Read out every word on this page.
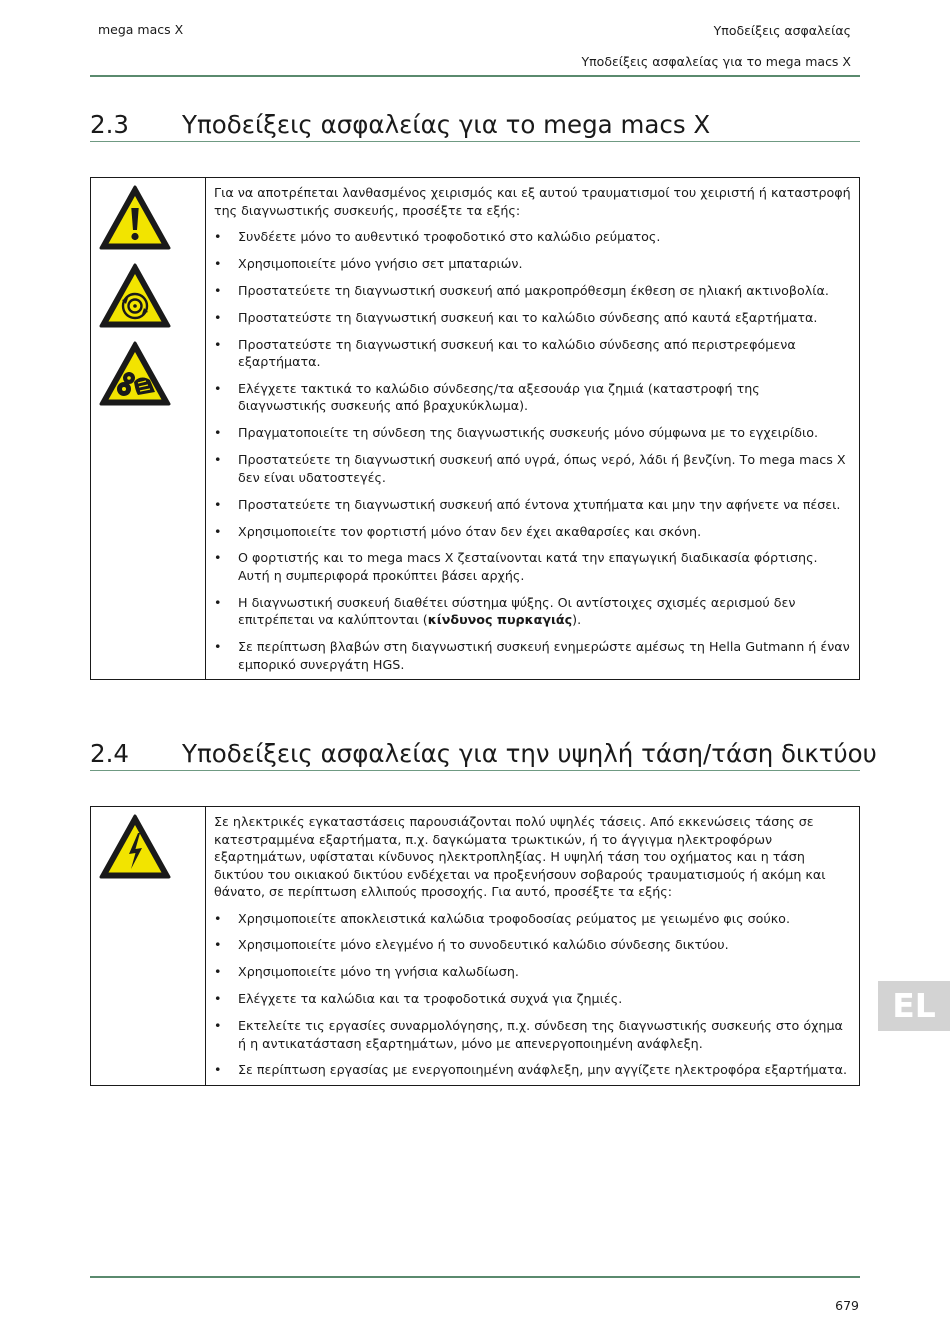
mega macs X	Υποδείξεις ασφαλείας
Υποδείξεις ασφαλείας για το mega macs X
2.3 Υποδείξεις ασφαλείας για το mega macs X

Για να αποτρέπεται λανθασμένος χειρισμός και εξ αυτού τραυματισμοί του χειριστή ή καταστροφή της διαγνωστικής συσκευής, προσέξτε τα εξής:

• Συνδέετε μόνο το αυθεντικό τροφοδοτικό στο καλώδιο ρεύματος.
• Χρησιμοποιείτε μόνο γνήσιο σετ μπαταριών.
• Προστατεύετε τη διαγνωστική συσκευή από μακροπρόθεσμη έκθεση σε ηλιακή ακτινοβολία.
• Προστατεύστε τη διαγνωστική συσκευή και το καλώδιο σύνδεσης από καυτά εξαρτήματα.
• Προστατεύστε τη διαγνωστική συσκευή και το καλώδιο σύνδεσης από περιστρεφόμενα εξαρτήματα.
• Ελέγχετε τακτικά το καλώδιο σύνδεσης/τα αξεσουάρ για ζημιά (καταστροφή της διαγνωστικής συσκευής από βραχυκύκλωμα).
• Πραγματοποιείτε τη σύνδεση της διαγνωστικής συσκευής μόνο σύμφωνα με το εγχειρίδιο.
• Προστατεύετε τη διαγνωστική συσκευή από υγρά, όπως νερό, λάδι ή βενζίνη. Το mega macs X δεν είναι υδατοστεγές.
• Προστατεύετε τη διαγνωστική συσκευή από έντονα χτυπήματα και μην την αφήνετε να πέσει.
• Χρησιμοποιείτε τον φορτιστή μόνο όταν δεν έχει ακαθαρσίες και σκόνη.
• Ο φορτιστής και το mega macs X ζεσταίνονται κατά την επαγωγική διαδικασία φόρτισης. Αυτή η συμπεριφορά προκύπτει βάσει αρχής.
• Η διαγνωστική συσκευή διαθέτει σύστημα ψύξης. Οι αντίστοιχες σχισμές αερισμού δεν επιτρέπεται να καλύπτονται (κίνδυνος πυρκαγιάς).
• Σε περίπτωση βλαβών στη διαγνωστική συσκευή ενημερώστε αμέσως τη Hella Gutmann ή έναν εμπορικό συνεργάτη HGS.
2.4 Υποδείξεις ασφαλείας για την υψηλή τάση/τάση δικτύου

Σε ηλεκτρικές εγκαταστάσεις παρουσιάζονται πολύ υψηλές τάσεις. Από εκκενώσεις τάσης σε κατεστραμμένα εξαρτήματα, π.χ. δαγκώματα τρωκτικών, ή το άγγιγμα ηλεκτροφόρων εξαρτημάτων, υφίσταται κίνδυνος ηλεκτροπληξίας. Η υψηλή τάση του οχήματος και η τάση δικτύου του οικιακού δικτύου ενδέχεται να προξενήσουν σοβαρούς τραυματισμούς ή ακόμη και θάνατο, σε περίπτωση ελλιπούς προσοχής. Για αυτό, προσέξτε τα εξής:

• Χρησιμοποιείτε αποκλειστικά καλώδια τροφοδοσίας ρεύματος με γειωμένο φις σούκο.
• Χρησιμοποιείτε μόνο ελεγμένο ή το συνοδευτικό καλώδιο σύνδεσης δικτύου.
• Χρησιμοποιείτε μόνο τη γνήσια καλωδίωση.
• Ελέγχετε τα καλώδια και τα τροφοδοτικά συχνά για ζημιές.
• Εκτελείτε τις εργασίες συναρμολόγησης, π.χ. σύνδεση της διαγνωστικής συσκευής στο όχημα ή η αντικατάσταση εξαρτημάτων, μόνο με απενεργοποιημένη ανάφλεξη.
• Σε περίπτωση εργασίας με ενεργοποιημένη ανάφλεξη, μην αγγίζετε ηλεκτροφόρα εξαρτήματα.
EL
679
